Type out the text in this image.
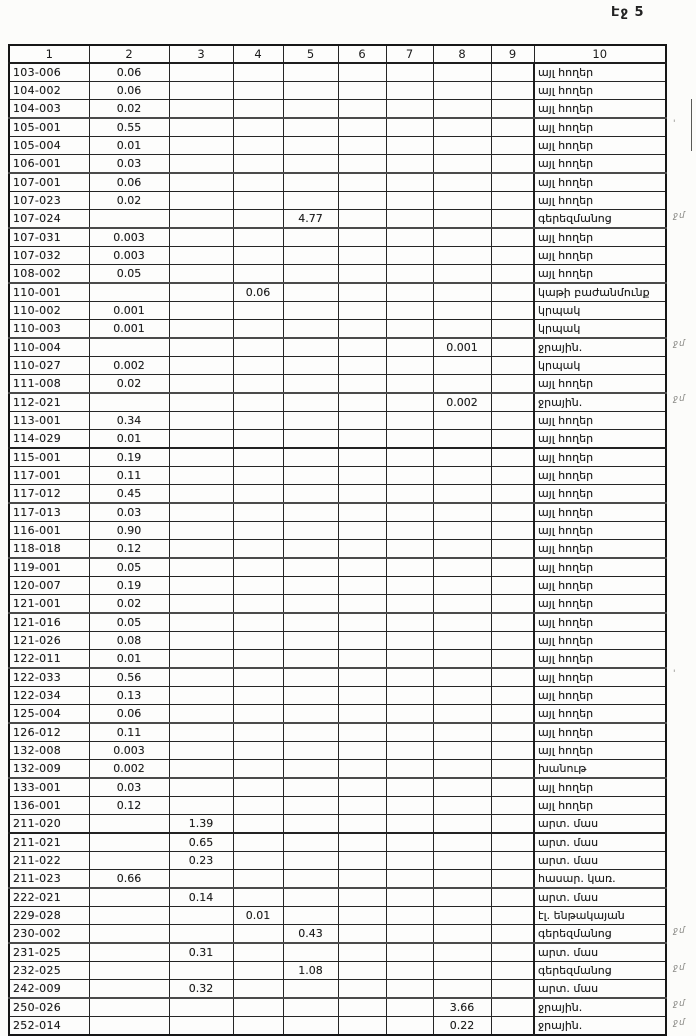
Էջ 5
1	2	3	4	5	6	7	8	9	10
103-006	0.06								այլ հողեր
104-002	0.06								այլ հողեր
104-003	0.02								այլ հողեր
105-001	0.55								այլ հողեր
105-004	0.01								այլ հողեր
106-001	0.03								այլ հողեր
107-001	0.06								այլ հողեր
107-023	0.02								այլ հողեր
107-024				4.77					գերեզմանոց
107-031	0.003								այլ հողեր
107-032	0.003								այլ հողեր
108-002	0.05								այլ հողեր
110-001			0.06						կաթի բաժանմունք
110-002	0.001								կրպակ
110-003	0.001								կրպակ
110-004							0.001		ջրային.
110-027	0.002								կրպակ
111-008	0.02								այլ հողեր
112-021							0.002		ջրային.
113-001	0.34								այլ հողեր
114-029	0.01								այլ հողեր
115-001	0.19								այլ հողեր
117-001	0.11								այլ հողեր
117-012	0.45								այլ հողեր
117-013	0.03								այլ հողեր
116-001	0.90								այլ հողեր
118-018	0.12								այլ հողեր
119-001	0.05								այլ հողեր
120-007	0.19								այլ հողեր
121-001	0.02								այլ հողեր
121-016	0.05								այլ հողեր
121-026	0.08								այլ հողեր
122-011	0.01								այլ հողեր
122-033	0.56								այլ հողեր
122-034	0.13								այլ հողեր
125-004	0.06								այլ հողեր
126-012	0.11								այլ հողեր
132-008	0.003								այլ հողեր
132-009	0.002								խանութ
133-001	0.03								այլ հողեր
136-001	0.12								այլ հողեր
211-020		1.39							արտ. մաս
211-021		0.65							արտ. մաս
211-022		0.23							արտ. մաս
211-023	0.66								հասար. կառ.
222-021		0.14							արտ. մաս
229-028			0.01						էլ. ենթակայան
230-002				0.43					գերեզմանոց
231-025		0.31							արտ. մաս
232-025				1.08					գերեզմանոց
242-009		0.32							արտ. մաս
250-026							3.66		ջրային.
252-014							0.22		ջրային.
'
ջմ
ջմ
ջմ
'
ջմ
ջմ
ջմ
ջմ
